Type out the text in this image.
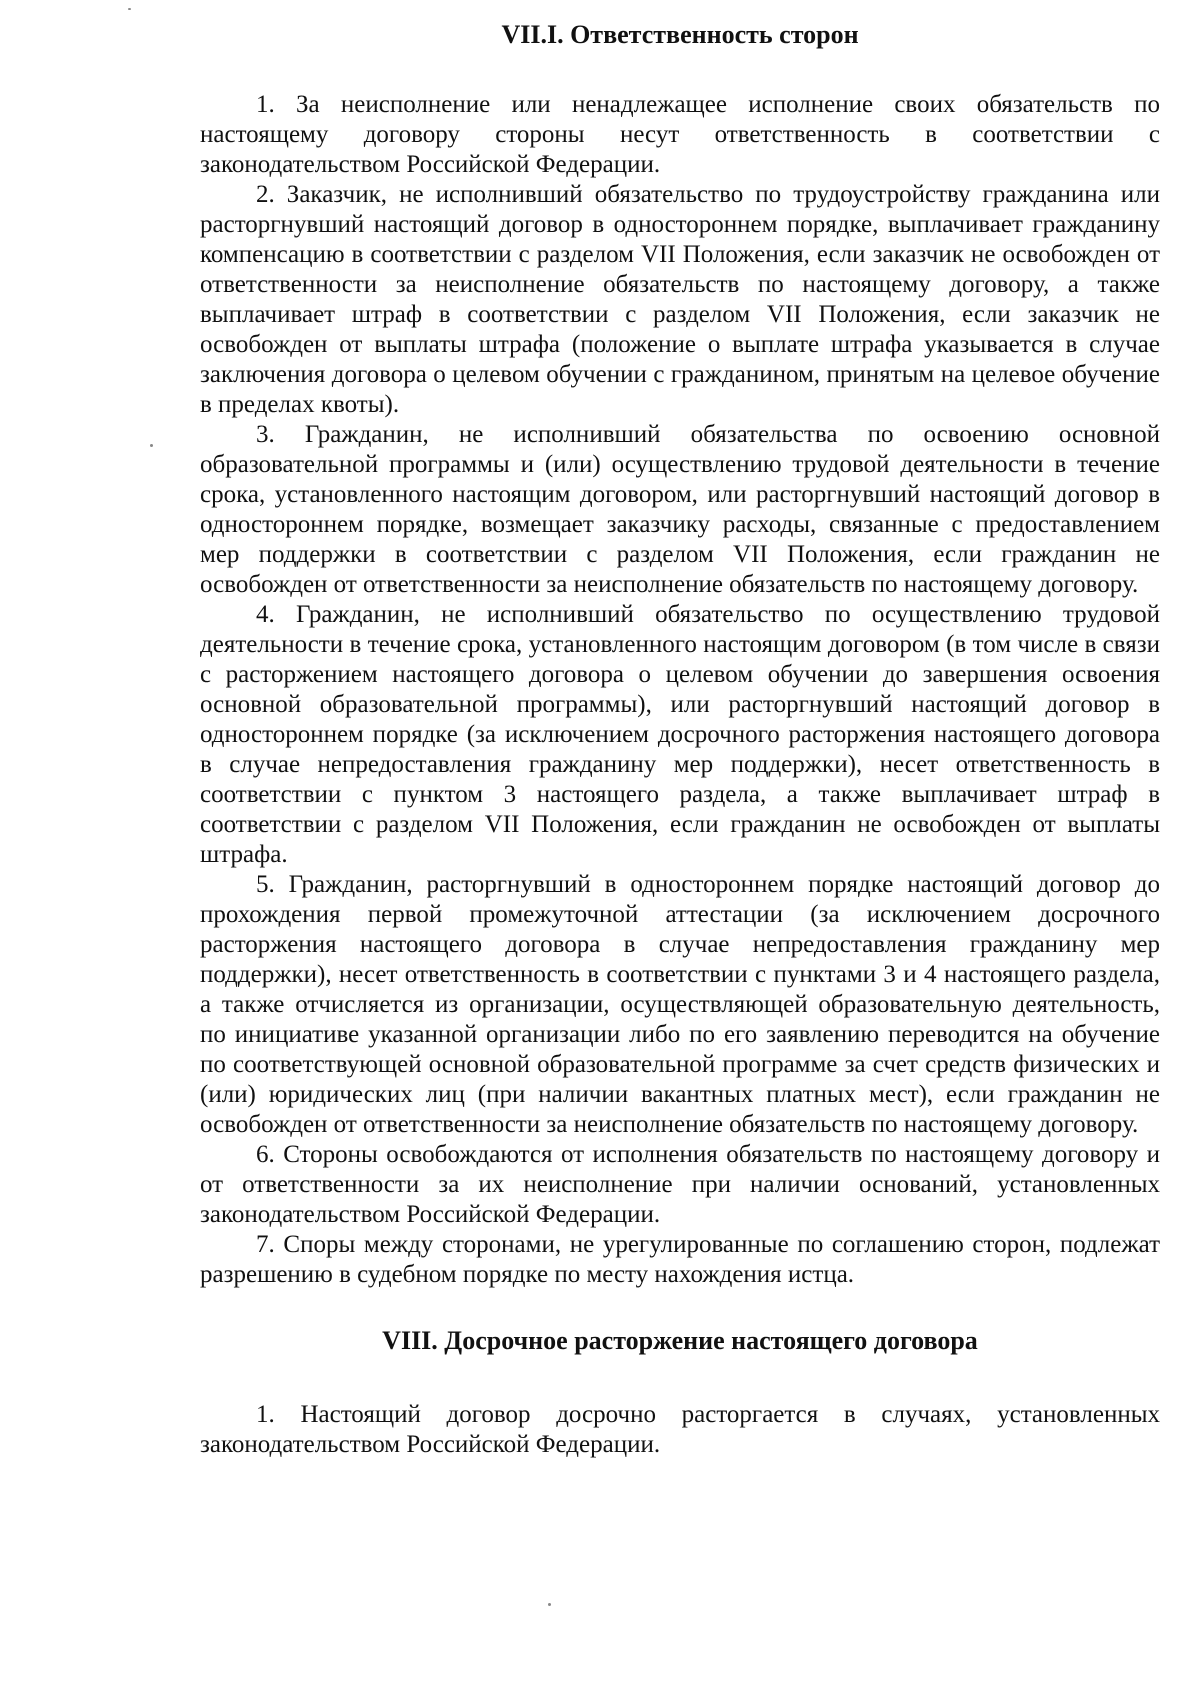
VII.I. Ответственность сторон

1. За неисполнение или ненадлежащее исполнение своих обязательств по настоящему договору стороны несут ответственность в соответствии с законодательством Российской Федерации.

2. Заказчик, не исполнивший обязательство по трудоустройству гражданина или расторгнувший настоящий договор в одностороннем порядке, выплачивает гражданину компенсацию в соответствии с разделом VII Положения, если заказчик не освобожден от ответственности за неисполнение обязательств по настоящему договору, а также выплачивает штраф в соответствии с разделом VII Положения, если заказчик не освобожден от выплаты штрафа (положение о выплате штрафа указывается в случае заключения договора о целевом обучении с гражданином, принятым на целевое обучение в пределах квоты).

3. Гражданин, не исполнивший обязательства по освоению основной образовательной программы и (или) осуществлению трудовой деятельности в течение срока, установленного настоящим договором, или расторгнувший настоящий договор в одностороннем порядке, возмещает заказчику расходы, связанные с предоставлением мер поддержки в соответствии с разделом VII Положения, если гражданин не освобожден от ответственности за неисполнение обязательств по настоящему договору.

4. Гражданин, не исполнивший обязательство по осуществлению трудовой деятельности в течение срока, установленного настоящим договором (в том числе в связи с расторжением настоящего договора о целевом обучении до завершения освоения основной образовательной программы), или расторгнувший настоящий договор в одностороннем порядке (за исключением досрочного расторжения настоящего договора в случае непредоставления гражданину мер поддержки), несет ответственность в соответствии с пунктом 3 настоящего раздела, а также выплачивает штраф в соответствии с разделом VII Положения, если гражданин не освобожден от выплаты штрафа.

5. Гражданин, расторгнувший в одностороннем порядке настоящий договор до прохождения первой промежуточной аттестации (за исключением досрочного расторжения настоящего договора в случае непредоставления гражданину мер поддержки), несет ответственность в соответствии с пунктами 3 и 4 настоящего раздела, а также отчисляется из организации, осуществляющей образовательную деятельность, по инициативе указанной организации либо по его заявлению переводится на обучение по соответствующей основной образовательной программе за счет средств физических и (или) юридических лиц (при наличии вакантных платных мест), если гражданин не освобожден от ответственности за неисполнение обязательств по настоящему договору.

6. Стороны освобождаются от исполнения обязательств по настоящему договору и от ответственности за их неисполнение при наличии оснований, установленных законодательством Российской Федерации.

7. Споры между сторонами, не урегулированные по соглашению сторон, подлежат разрешению в судебном порядке по месту нахождения истца.

VIII. Досрочное расторжение настоящего договора

1. Настоящий договор досрочно расторгается в случаях, установленных законодательством Российской Федерации.
